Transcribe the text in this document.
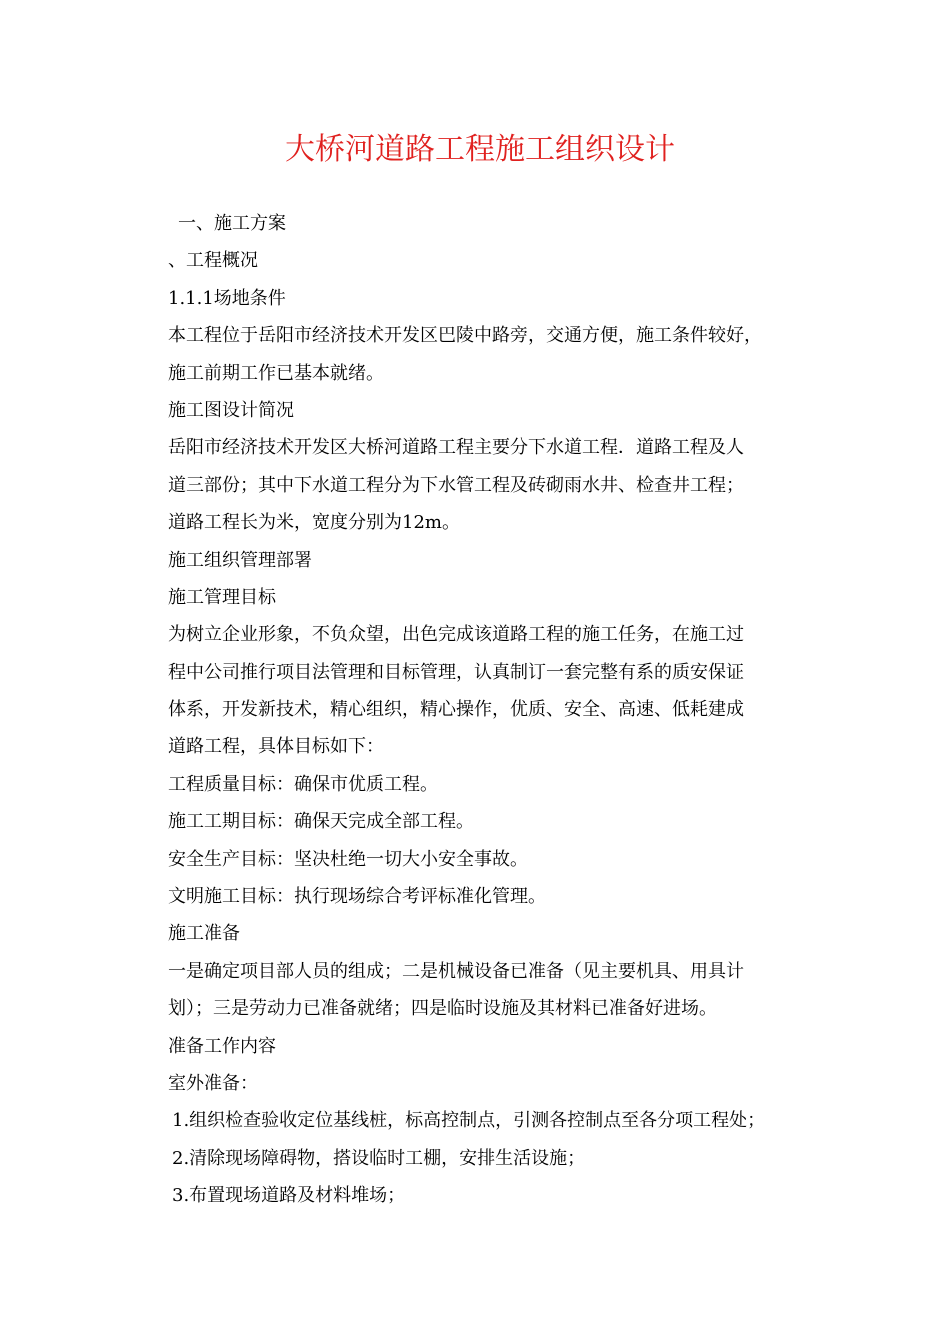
大桥河道路工程施工组织设计
一、施工方案
、工程概况
1.1.1场地条件
本工程位于岳阳市经济技术开发区巴陵中路旁，交通方便，施工条件较好，
施工前期工作已基本就绪。
施工图设计简况
岳阳市经济技术开发区大桥河道路工程主要分下水道工程．道路工程及人
道三部份；其中下水道工程分为下水管工程及砖砌雨水井、检查井工程；
道路工程长为米，宽度分别为12m。
施工组织管理部署
施工管理目标
为树立企业形象，不负众望，出色完成该道路工程的施工任务，在施工过
程中公司推行项目法管理和目标管理，认真制订一套完整有系的质安保证
体系，开发新技术，精心组织，精心操作，优质、安全、高速、低耗建成
道路工程，具体目标如下：
工程质量目标：确保市优质工程。
施工工期目标：确保天完成全部工程。
安全生产目标：坚决杜绝一切大小安全事故。
文明施工目标：执行现场综合考评标准化管理。
施工准备
一是确定项目部人员的组成；二是机械设备已准备（见主要机具、用具计
划）；三是劳动力已准备就绪；四是临时设施及其材料已准备好进场。
准备工作内容
室外准备：
1.组织检查验收定位基线桩，标高控制点，引测各控制点至各分项工程处；
2.清除现场障碍物，搭设临时工棚，安排生活设施；
3.布置现场道路及材料堆场；
